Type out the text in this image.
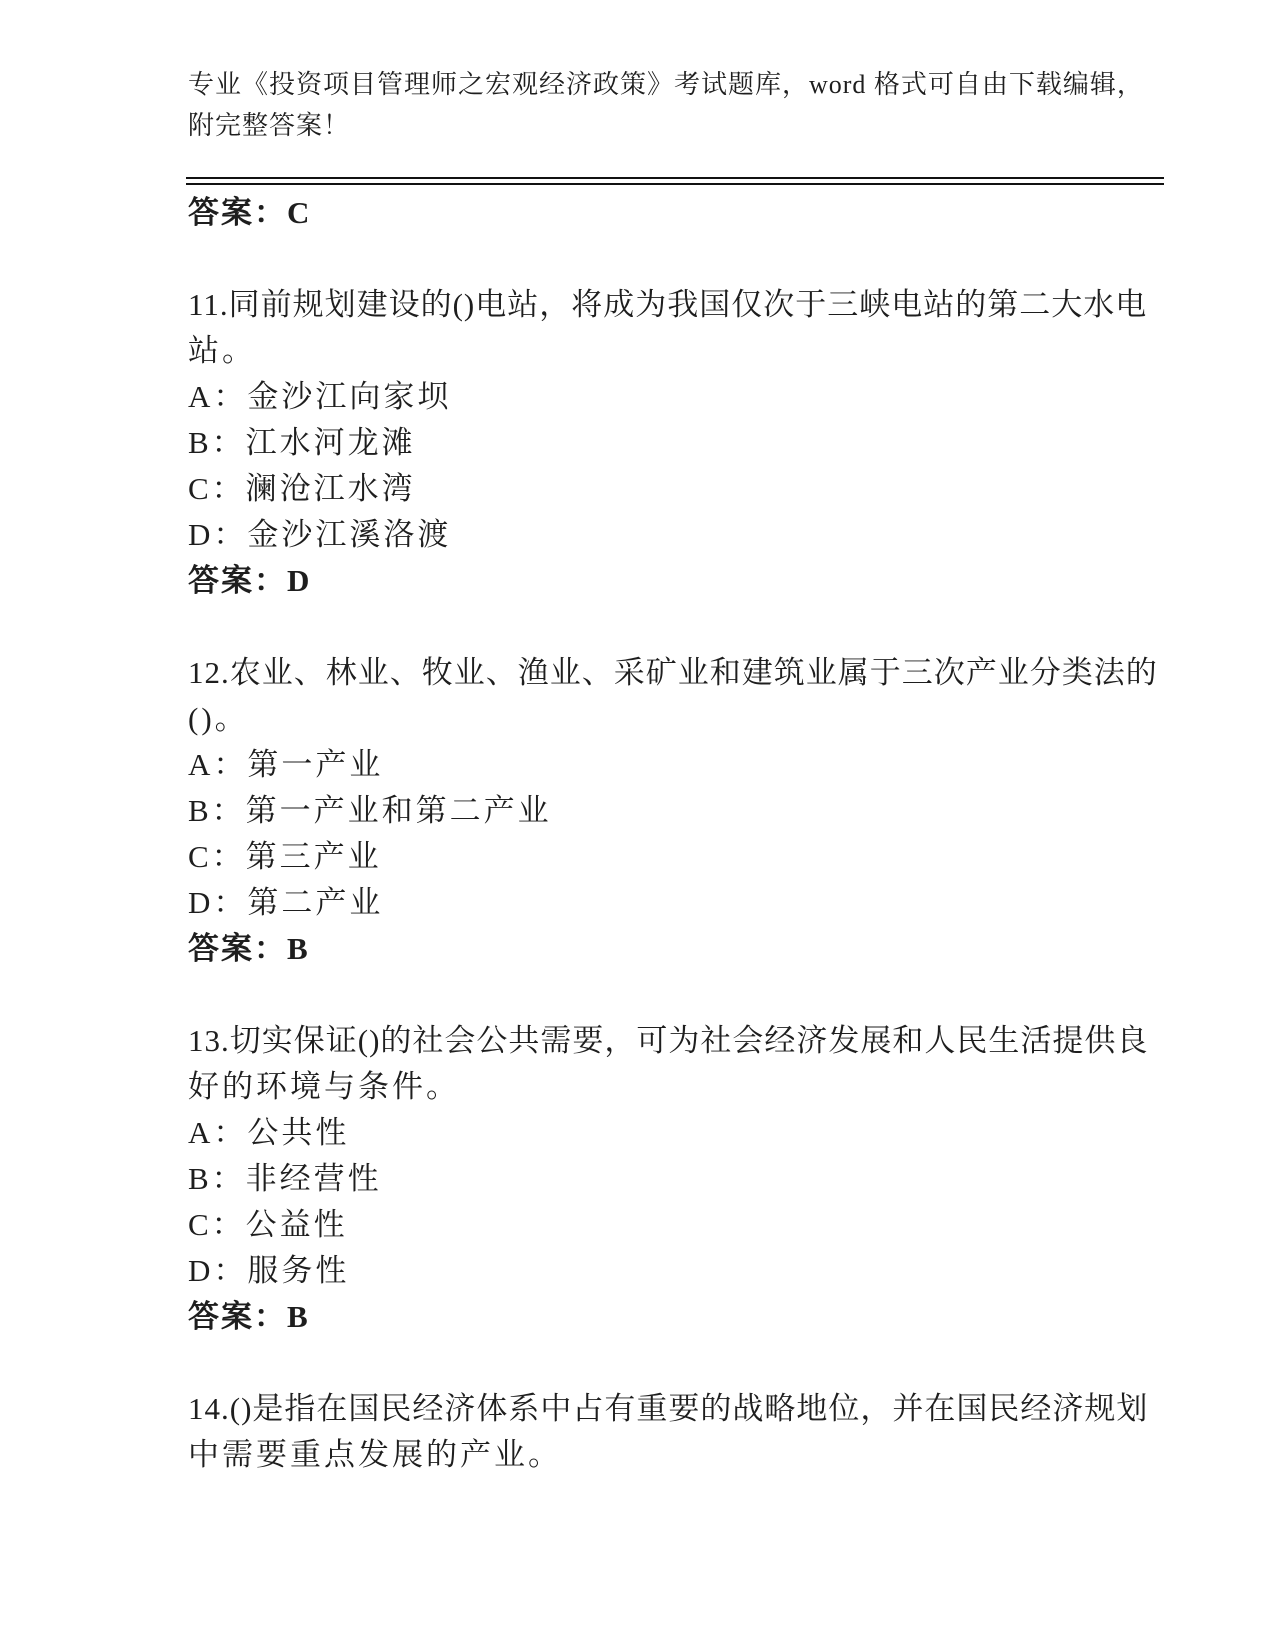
专业《投资项目管理师之宏观经济政策》考试题库，word 格式可自由下载编辑，
附完整答案！
答案：C
11.同前规划建设的()电站，将成为我国仅次于三峡电站的第二大水电
站。
A：金沙江向家坝
B：江水河龙滩
C：澜沧江水湾
D：金沙江溪洛渡
答案：D
12.农业、林业、牧业、渔业、采矿业和建筑业属于三次产业分类法的
()。
A：第一产业
B：第一产业和第二产业
C：第三产业
D：第二产业
答案：B
13.切实保证()的社会公共需要，可为社会经济发展和人民生活提供良
好的环境与条件。
A：公共性
B：非经营性
C：公益性
D：服务性
答案：B
14.()是指在国民经济体系中占有重要的战略地位，并在国民经济规划
中需要重点发展的产业。
